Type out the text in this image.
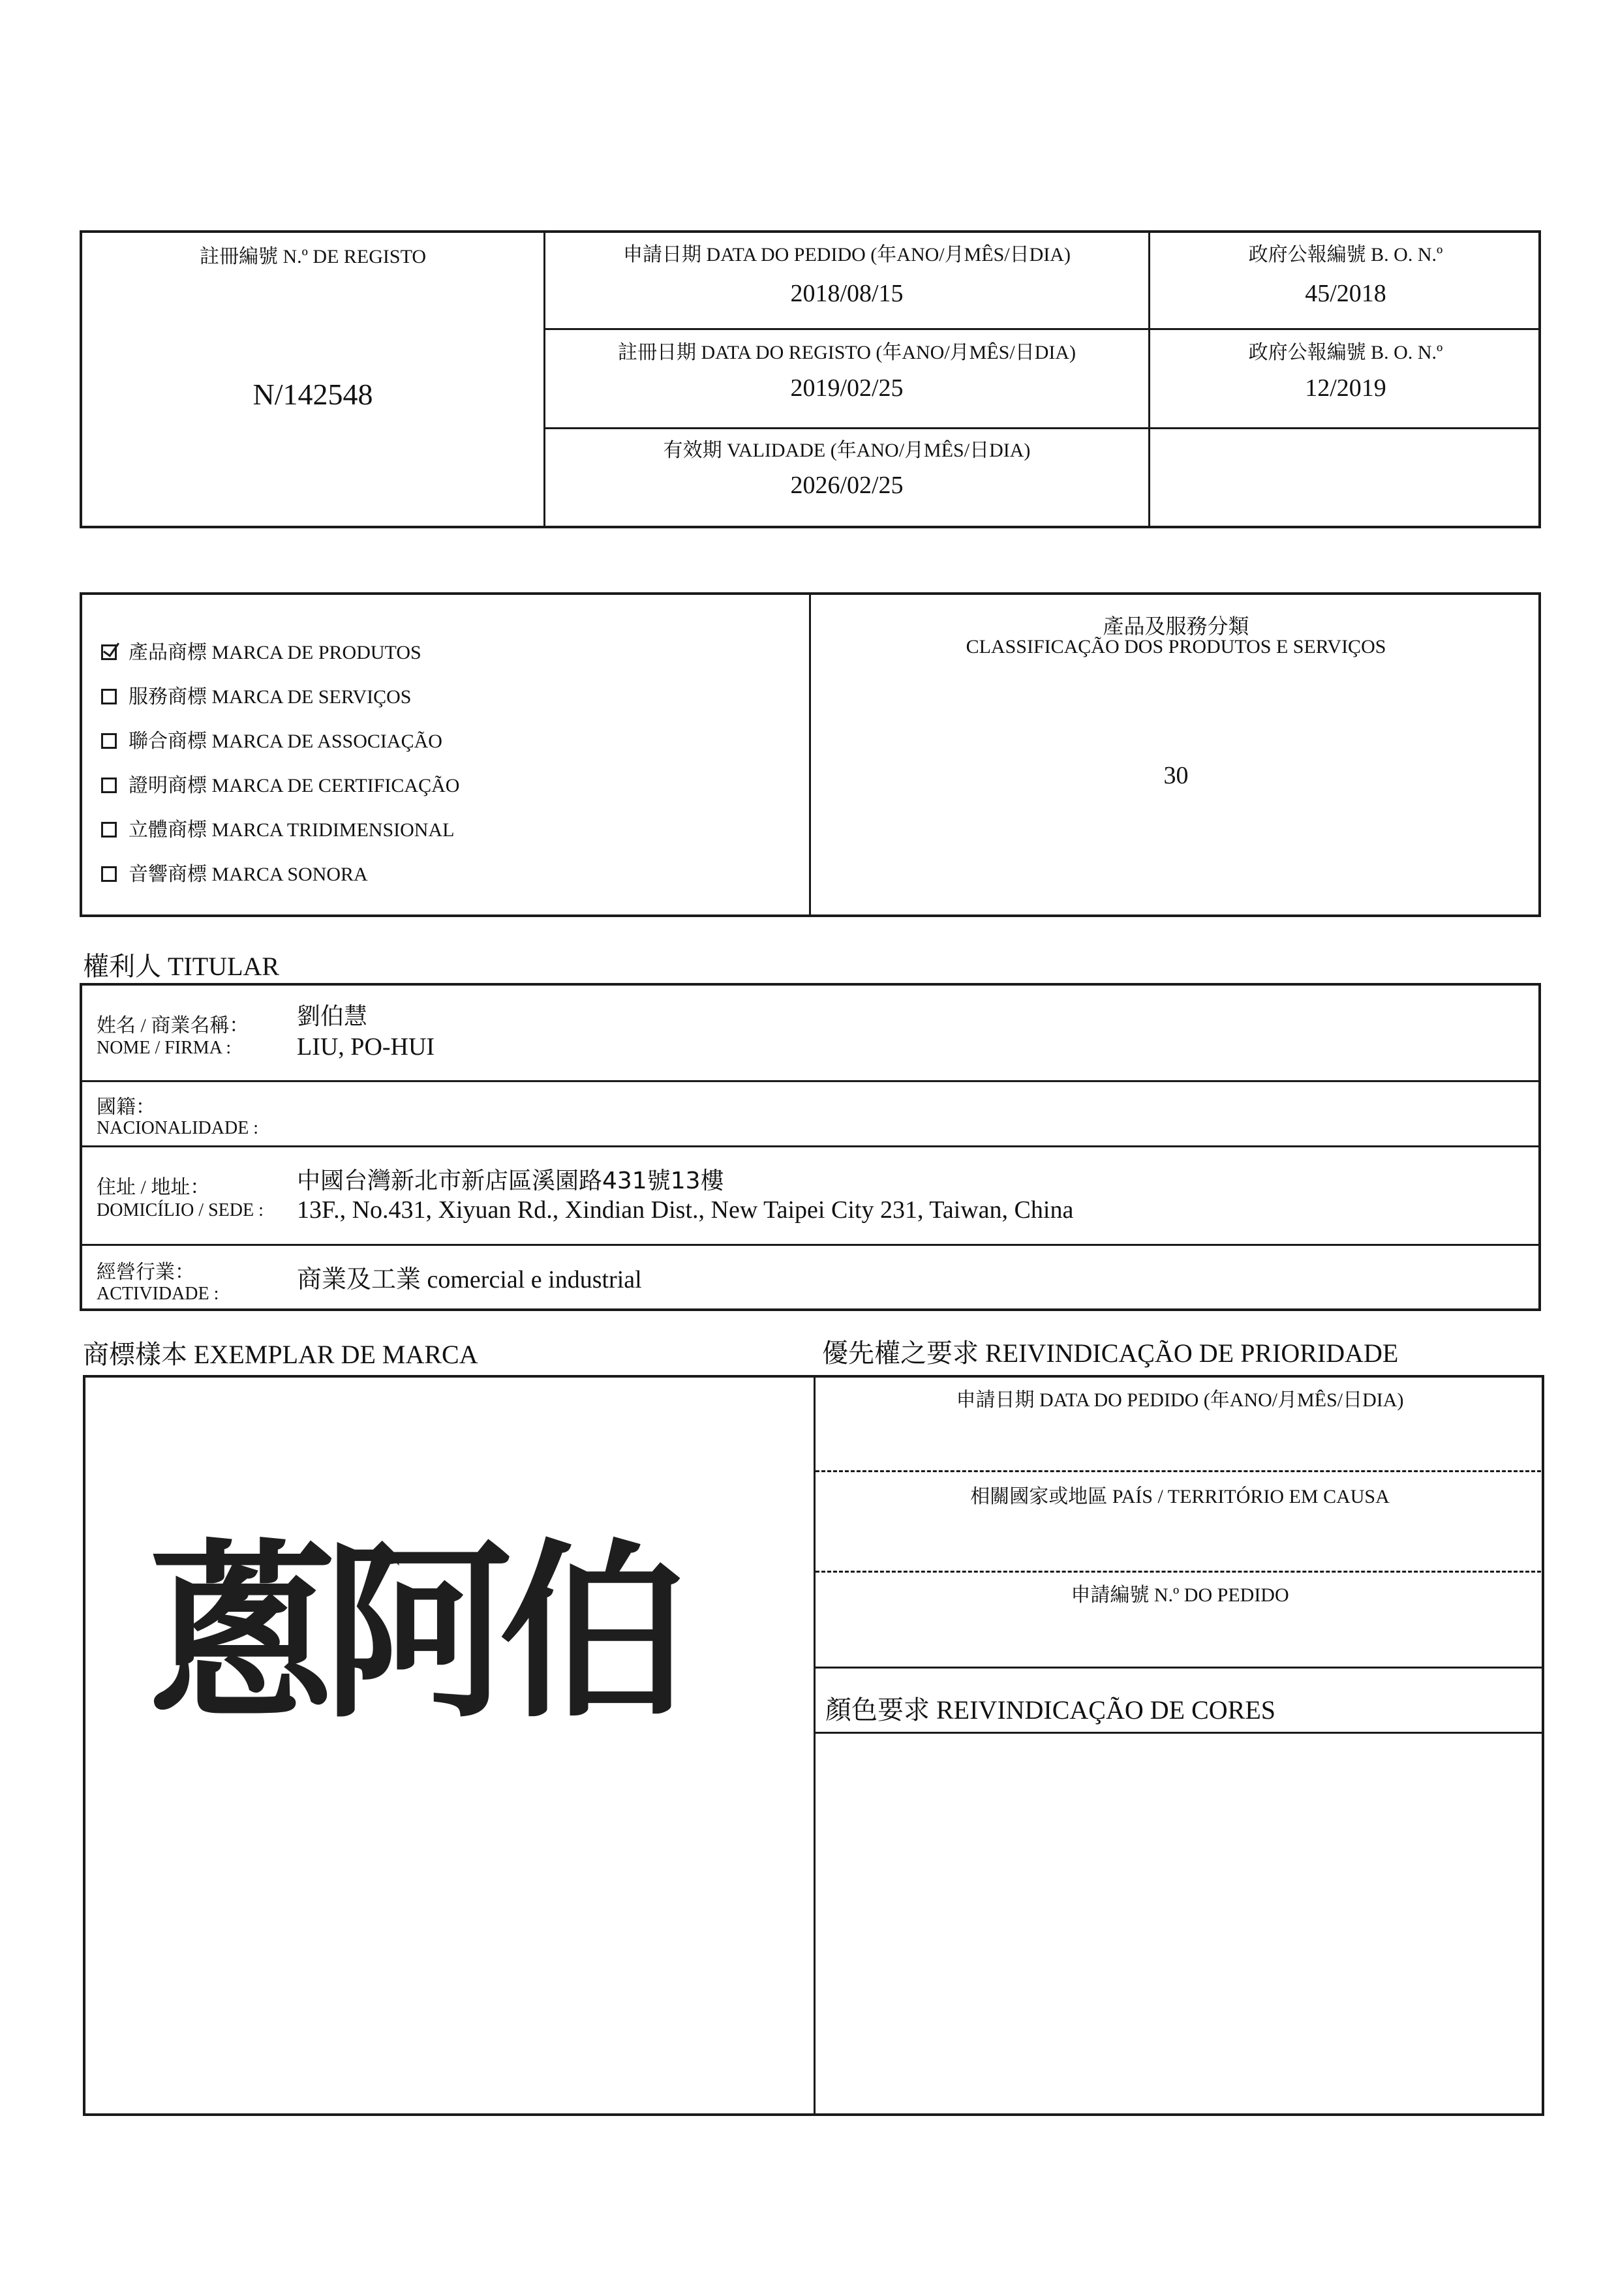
註冊編號 N.º DE REGISTO
N/142548
申請日期 DATA DO PEDIDO (年ANO/月MÊS/日DIA)
2018/08/15
政府公報編號 B. O. N.º
45/2018
註冊日期 DATA DO REGISTO (年ANO/月MÊS/日DIA)
2019/02/25
政府公報編號 B. O. N.º
12/2019
有效期 VALIDADE (年ANO/月MÊS/日DIA)
2026/02/25
產品商標 MARCA DE PRODUTOS
服務商標 MARCA DE SERVIÇOS
聯合商標 MARCA DE ASSOCIAÇÃO
證明商標 MARCA DE CERTIFICAÇÃO
立體商標 MARCA TRIDIMENSIONAL
音響商標 MARCA SONORA
產品及服務分類
CLASSIFICAÇÃO DOS PRODUTOS E SERVIÇOS
30
權利人 TITULAR
姓名 / 商業名稱：
NOME / FIRMA :
劉伯慧
LIU, PO-HUI
國籍：
NACIONALIDADE :
住址 / 地址：
DOMICÍLIO / SEDE :
中國台灣新北市新店區溪園路431號13樓
13F., No.431, Xiyuan Rd., Xindian Dist., New Taipei City 231, Taiwan, China
經營行業：
ACTIVIDADE :
商業及工業 comercial e industrial
商標樣本 EXEMPLAR DE MARCA	優先權之要求 REIVINDICAÇÃO DE PRIORIDADE
申請日期 DATA DO PEDIDO (年ANO/月MÊS/日DIA)
相關國家或地區 PAÍS / TERRITÓRIO EM CAUSA
申請編號 N.º DO PEDIDO
顏色要求 REIVINDICAÇÃO DE CORES
蔥阿伯
